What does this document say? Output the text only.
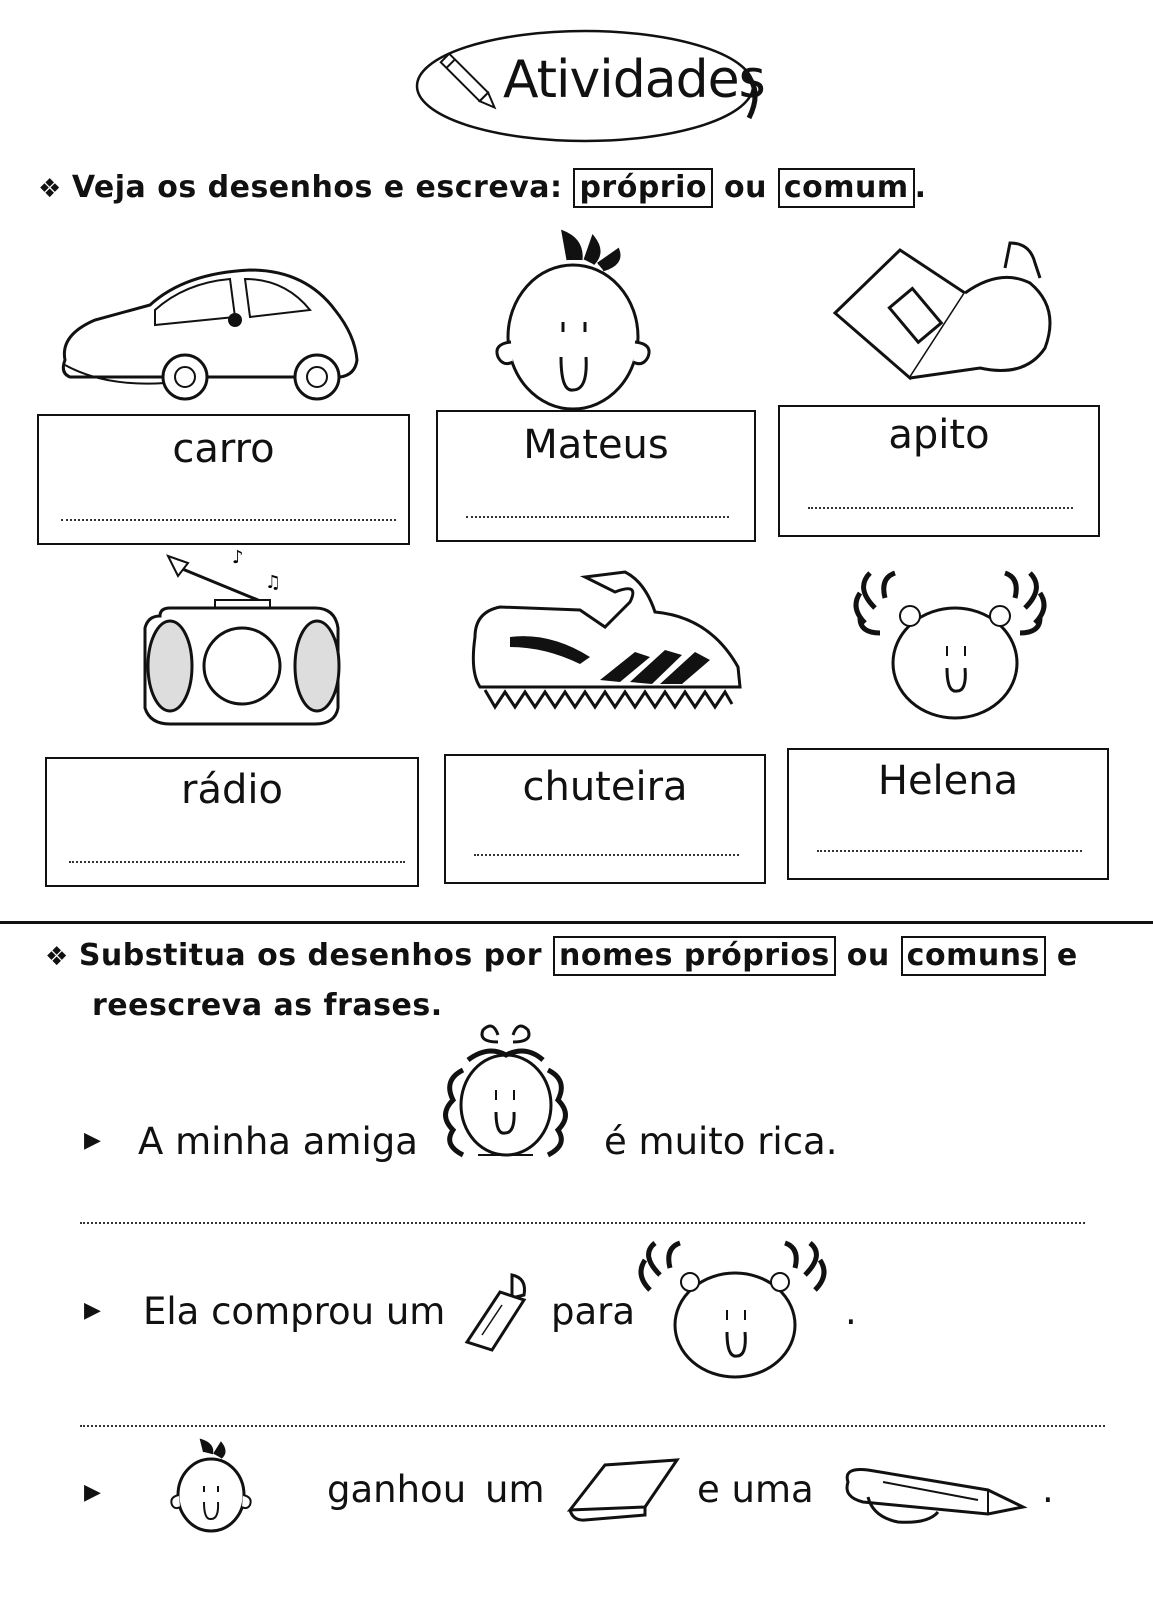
Atividades
❖ Veja os desenhos e escreva: próprio ou comum .
carro	Mateus	apito
♪
♫
rádio	chuteira	Helena
❖ Substitua os desenhos por nomes próprios ou comuns e
reescreva as frases.
▶ A minha amiga	é muito rica.
▶ Ela comprou um	para	.
▶	ganhou um	e uma	.
